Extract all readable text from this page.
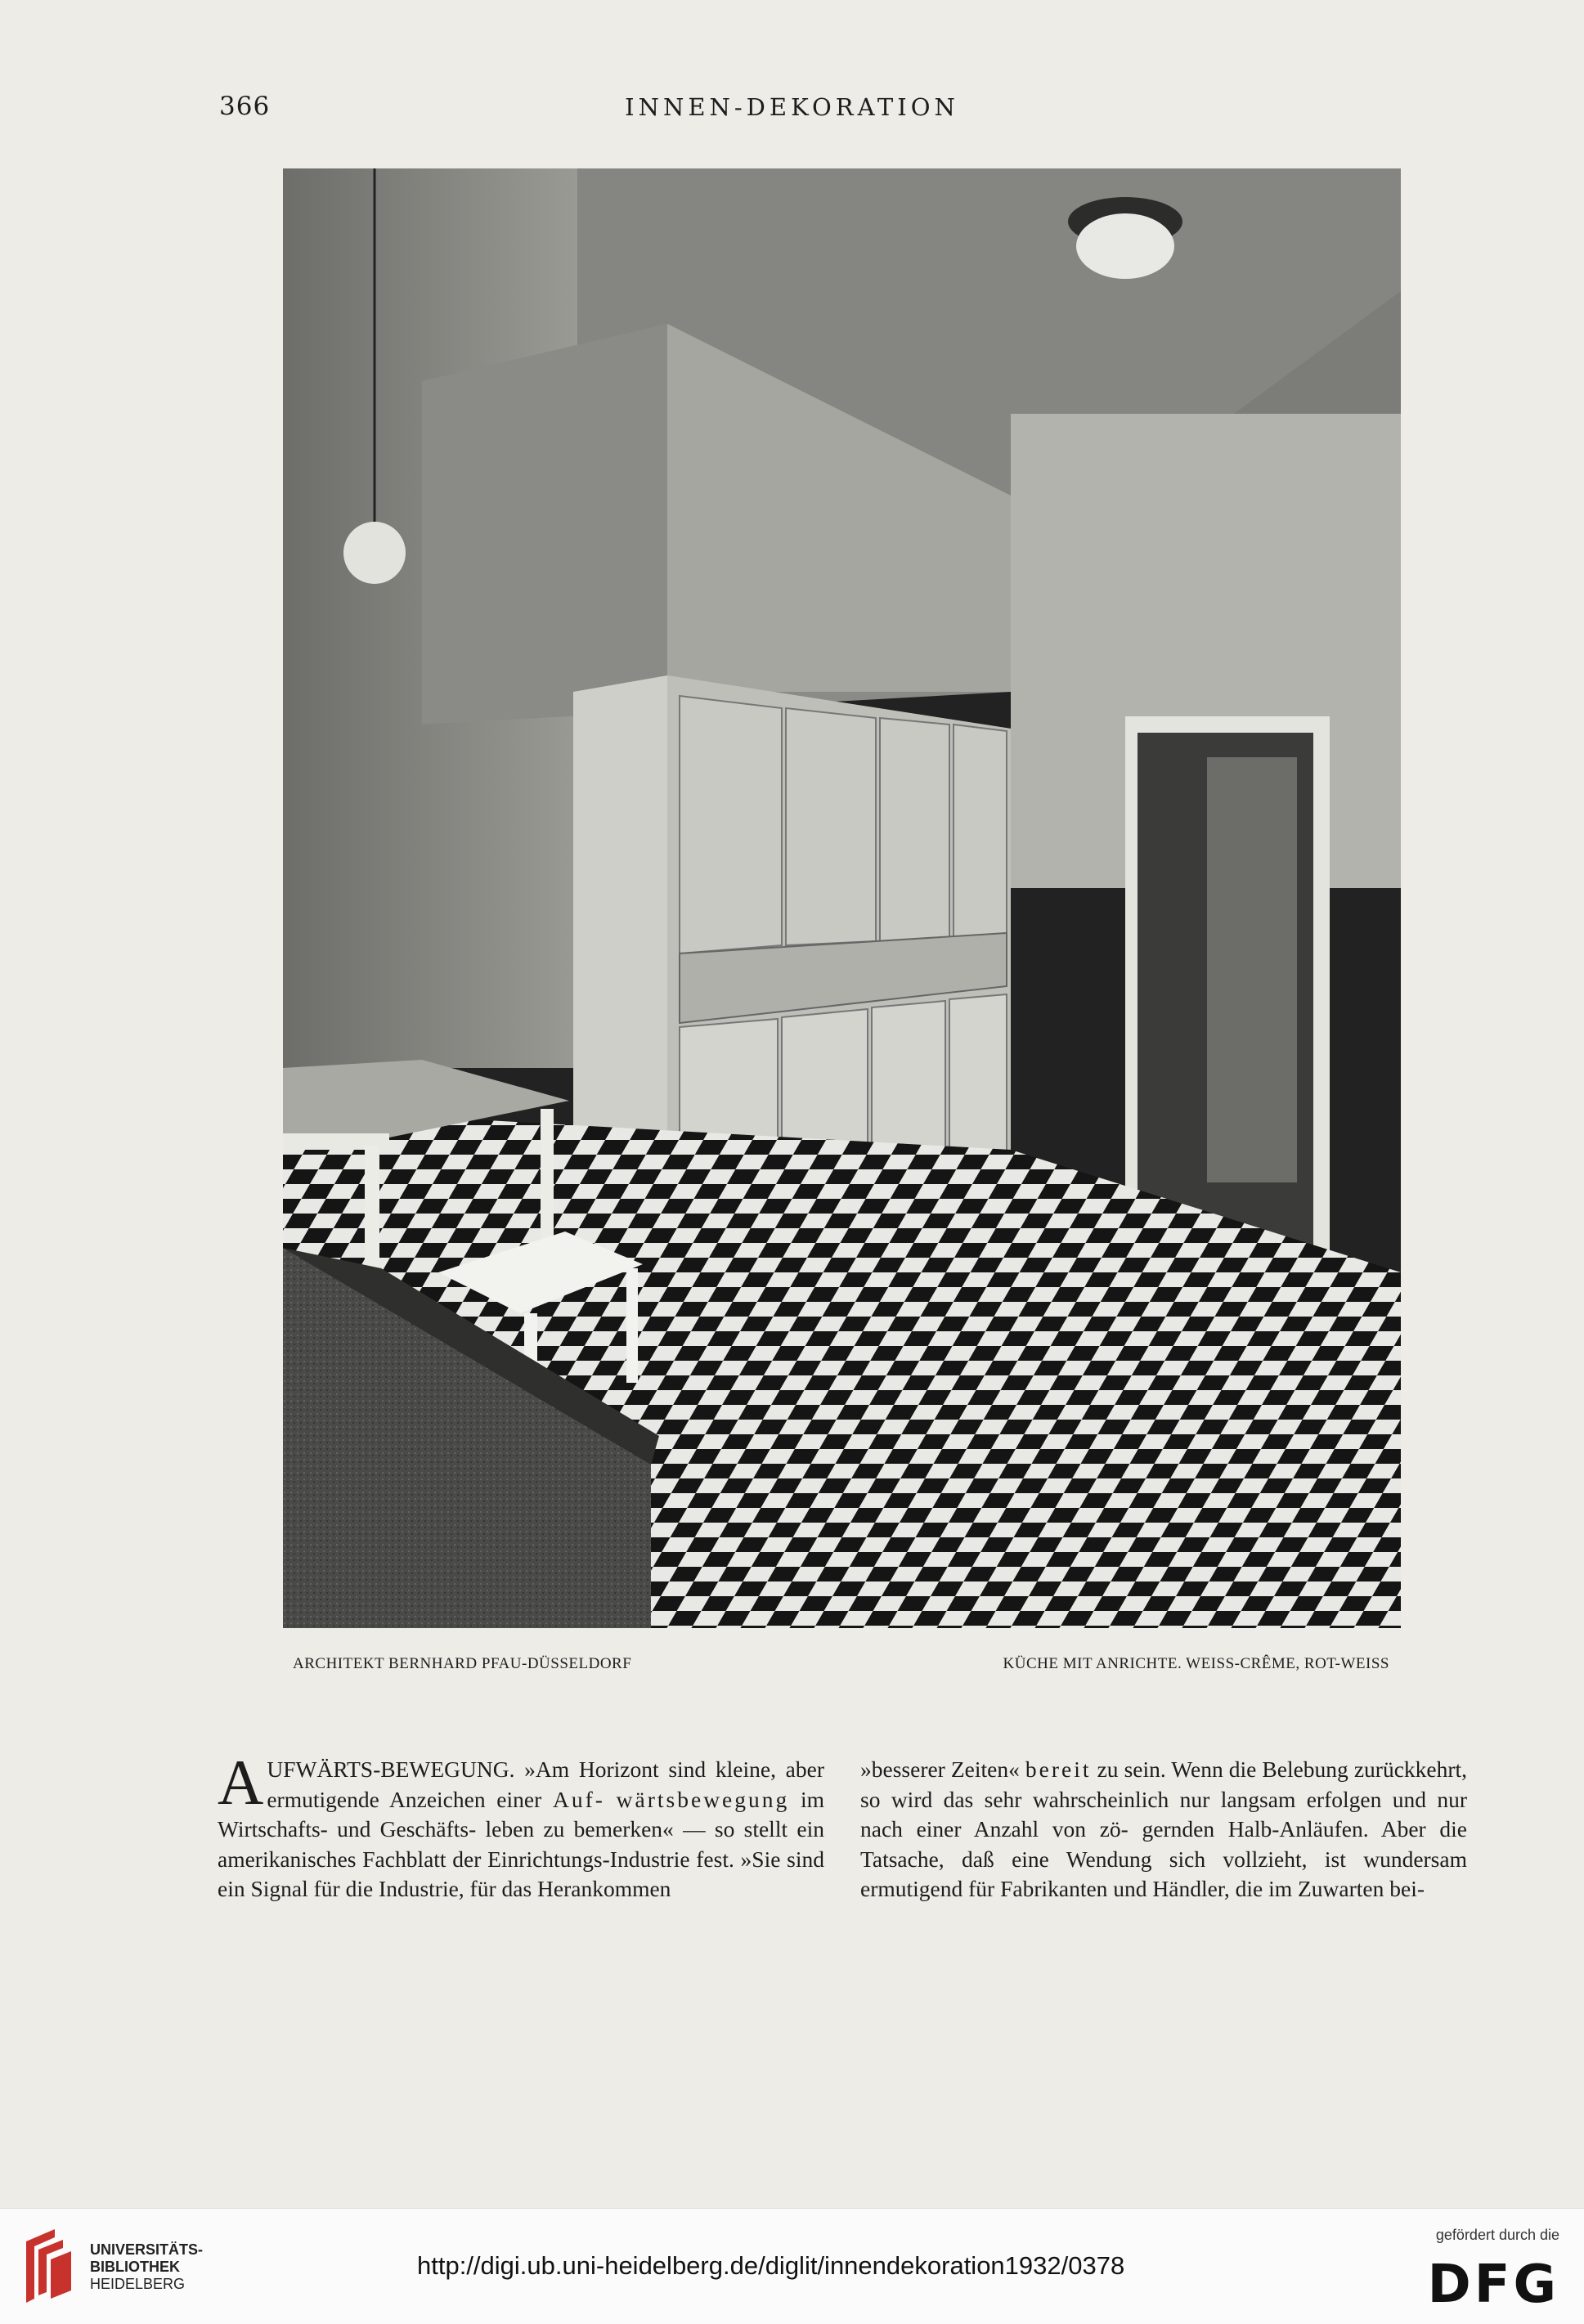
366	INNEN-DEKORATION
ARCHITEKT BERNHARD PFAU-DÜSSELDORF	KÜCHE MIT ANRICHTE. WEISS-CRÊME, ROT-WEISS
A UFWÄRTS-BEWEGUNG. »Am Horizont sind kleine, aber ermutigende Anzeichen einer Auf- wärtsbewegung im Wirtschafts- und Geschäfts- leben zu bemerken« — so stellt ein amerikanisches Fachblatt der Einrichtungs-Industrie fest. »Sie sind ein Signal für die Industrie, für das Herankommen
»besserer Zeiten« bereit zu sein. Wenn die Belebung zurückkehrt, so wird das sehr wahrscheinlich nur langsam erfolgen und nur nach einer Anzahl von zö- gernden Halb-Anläufen. Aber die Tatsache, daß eine Wendung sich vollzieht, ist wundersam ermutigend für Fabrikanten und Händler, die im Zuwarten bei-
UNIVERSITÄTS-
BIBLIOTHEK
HEIDELBERG
http://digi.ub.uni-heidelberg.de/diglit/innendekoration1932/0378
gefördert durch die
DFG
